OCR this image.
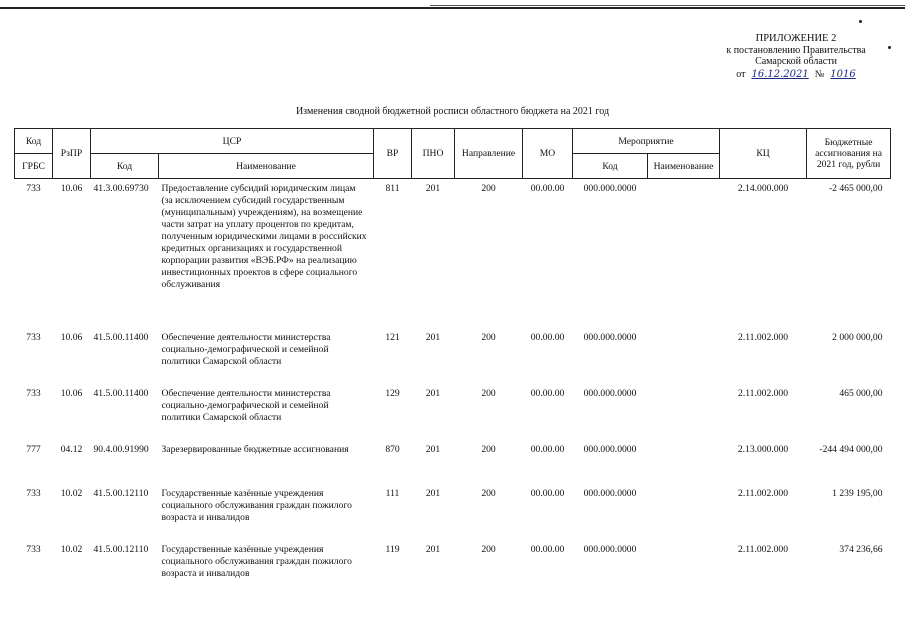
ПРИЛОЖЕНИЕ 2
к постановлению Правительства
Самарской области
от 16.12.2021 № 1016
Изменения сводной бюджетной росписи областного бюджета на 2021 год
Код	РзПР	ЦСР		ВР	ПНО	Направление	МО	Мероприятие		КЦ	Бюджетные ассигнования на 2021 год, рубли
ГРБС		Код	Наименование					Код	Наименование		
733	10.06	41.3.00.69730	Предоставление субсидий юридическим лицам (за исключением субсидий государственным (муниципальным) учреждениям), на возмещение части затрат на уплату процентов по кредитам, полученным юридическими лицами в российских кредитных организациях и государственной корпорации развития «ВЭБ.РФ» на реализацию инвестиционных проектов в сфере социального обслуживания	811	201	200	00.00.00	000.000.0000		2.14.000.000	-2 465 000,00
733	10.06	41.5.00.11400	Обеспечение деятельности министерства социально-демографической и семейной политики Самарской области	121	201	200	00.00.00	000.000.0000		2.11.002.000	2 000 000,00
733	10.06	41.5.00.11400	Обеспечение деятельности министерства социально-демографической и семейной политики Самарской области	129	201	200	00.00.00	000.000.0000		2.11.002.000	465 000,00
777	04.12	90.4.00.91990	Зарезервированные бюджетные ассигнования	870	201	200	00.00.00	000.000.0000		2.13.000.000	-244 494 000,00
733	10.02	41.5.00.12110	Государственные казённые учреждения социального обслуживания граждан пожилого возраста и инвалидов	111	201	200	00.00.00	000.000.0000		2.11.002.000	1 239 195,00
733	10.02	41.5.00.12110	Государственные казённые учреждения социального обслуживания граждан пожилого возраста и инвалидов	119	201	200	00.00.00	000.000.0000		2.11.002.000	374 236,66
